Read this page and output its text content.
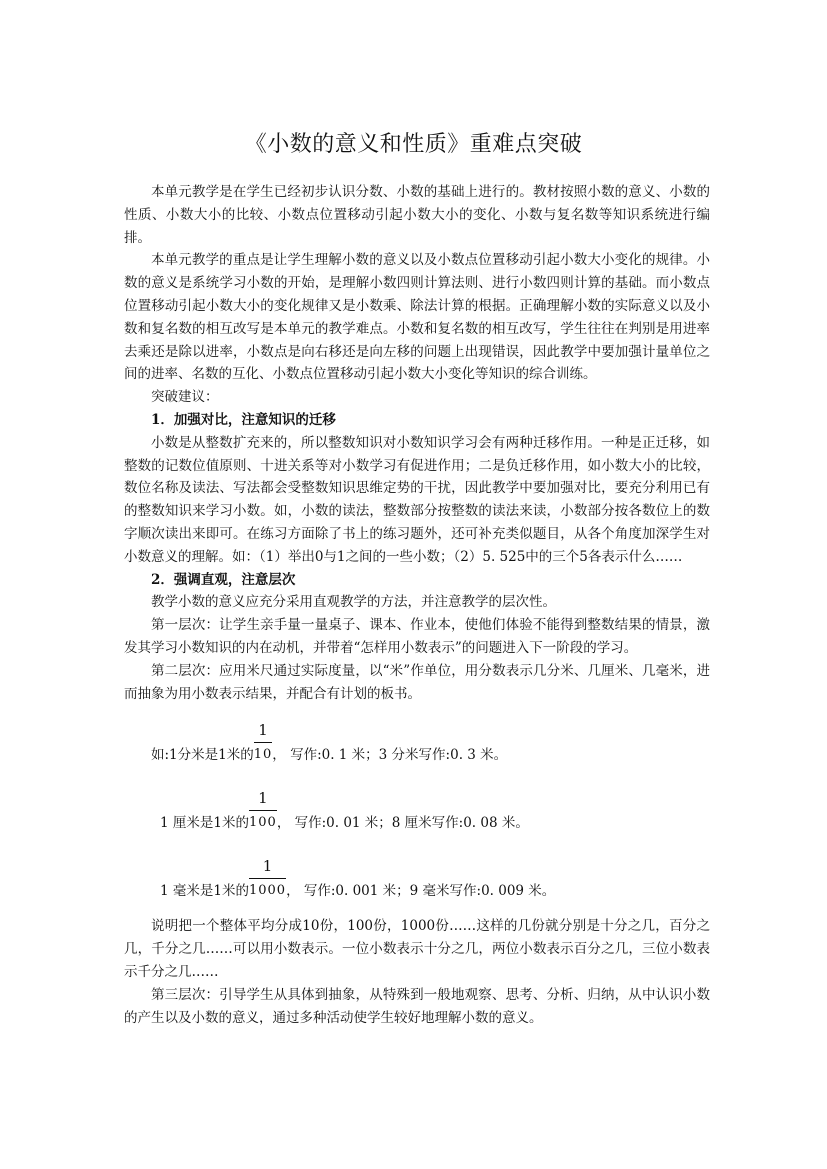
《小数的意义和性质》重难点突破

本单元教学是在学生已经初步认识分数、小数的基础上进行的。教材按照小数的意义、小数的性质、小数大小的比较、小数点位置移动引起小数大小的变化、小数与复名数等知识系统进行编排。

本单元教学的重点是让学生理解小数的意义以及小数点位置移动引起小数大小变化的规律。小数的意义是系统学习小数的开始，是理解小数四则计算法则、进行小数四则计算的基础。而小数点位置移动引起小数大小的变化规律又是小数乘、除法计算的根据。正确理解小数的实际意义以及小数和复名数的相互改写是本单元的教学难点。小数和复名数的相互改写，学生往往在判别是用进率去乘还是除以进率，小数点是向右移还是向左移的问题上出现错误，因此教学中要加强计量单位之间的进率、名数的互化、小数点位置移动引起小数大小变化等知识的综合训练。

突破建议：

1．加强对比，注意知识的迁移

小数是从整数扩充来的，所以整数知识对小数知识学习会有两种迁移作用。一种是正迁移，如整数的记数位值原则、十进关系等对小数学习有促进作用；二是负迁移作用，如小数大小的比较，数位名称及读法、写法都会受整数知识思维定势的干扰，因此教学中要加强对比，要充分利用已有的整数知识来学习小数。如，小数的读法，整数部分按整数的读法来读，小数部分按各数位上的数字顺次读出来即可。在练习方面除了书上的练习题外，还可补充类似题目，从各个角度加深学生对小数意义的理解。如：（1）举出0与1之间的一些小数；（2）5. 525中的三个5各表示什么……

2．强调直观，注意层次

教学小数的意义应充分采用直观教学的方法，并注意教学的层次性。

第一层次：让学生亲手量一量桌子、课本、作业本，使他们体验不能得到整数结果的情景，激发其学习小数知识的内在动机，并带着“怎样用小数表示”的问题进入下一阶段的学习。

第二层次：应用米尺通过实际度量，以“米”作单位，用分数表示几分米、几厘米、几毫米，进而抽象为用小数表示结果，并配合有计划的板书。

如:1分米是1米的 $\frac{1}{10}$， 写作:0. 1 米；3 分米写作:0. 3 米。
1 厘米是1米的 $\frac{1}{100}$， 写作:0. 01 米；8 厘米写作:0. 08 米。
1 毫米是1米的 $\frac{1}{1000}$， 写作:0. 001 米；9 毫米写作:0. 009 米。

说明把一个整体平均分成10份，100份，1000份……这样的几份就分别是十分之几，百分之几，千分之几……可以用小数表示。一位小数表示十分之几，两位小数表示百分之几，三位小数表示千分之几……

第三层次：引导学生从具体到抽象，从特殊到一般地观察、思考、分析、归纳，从中认识小数的产生以及小数的意义，通过多种活动使学生较好地理解小数的意义。
